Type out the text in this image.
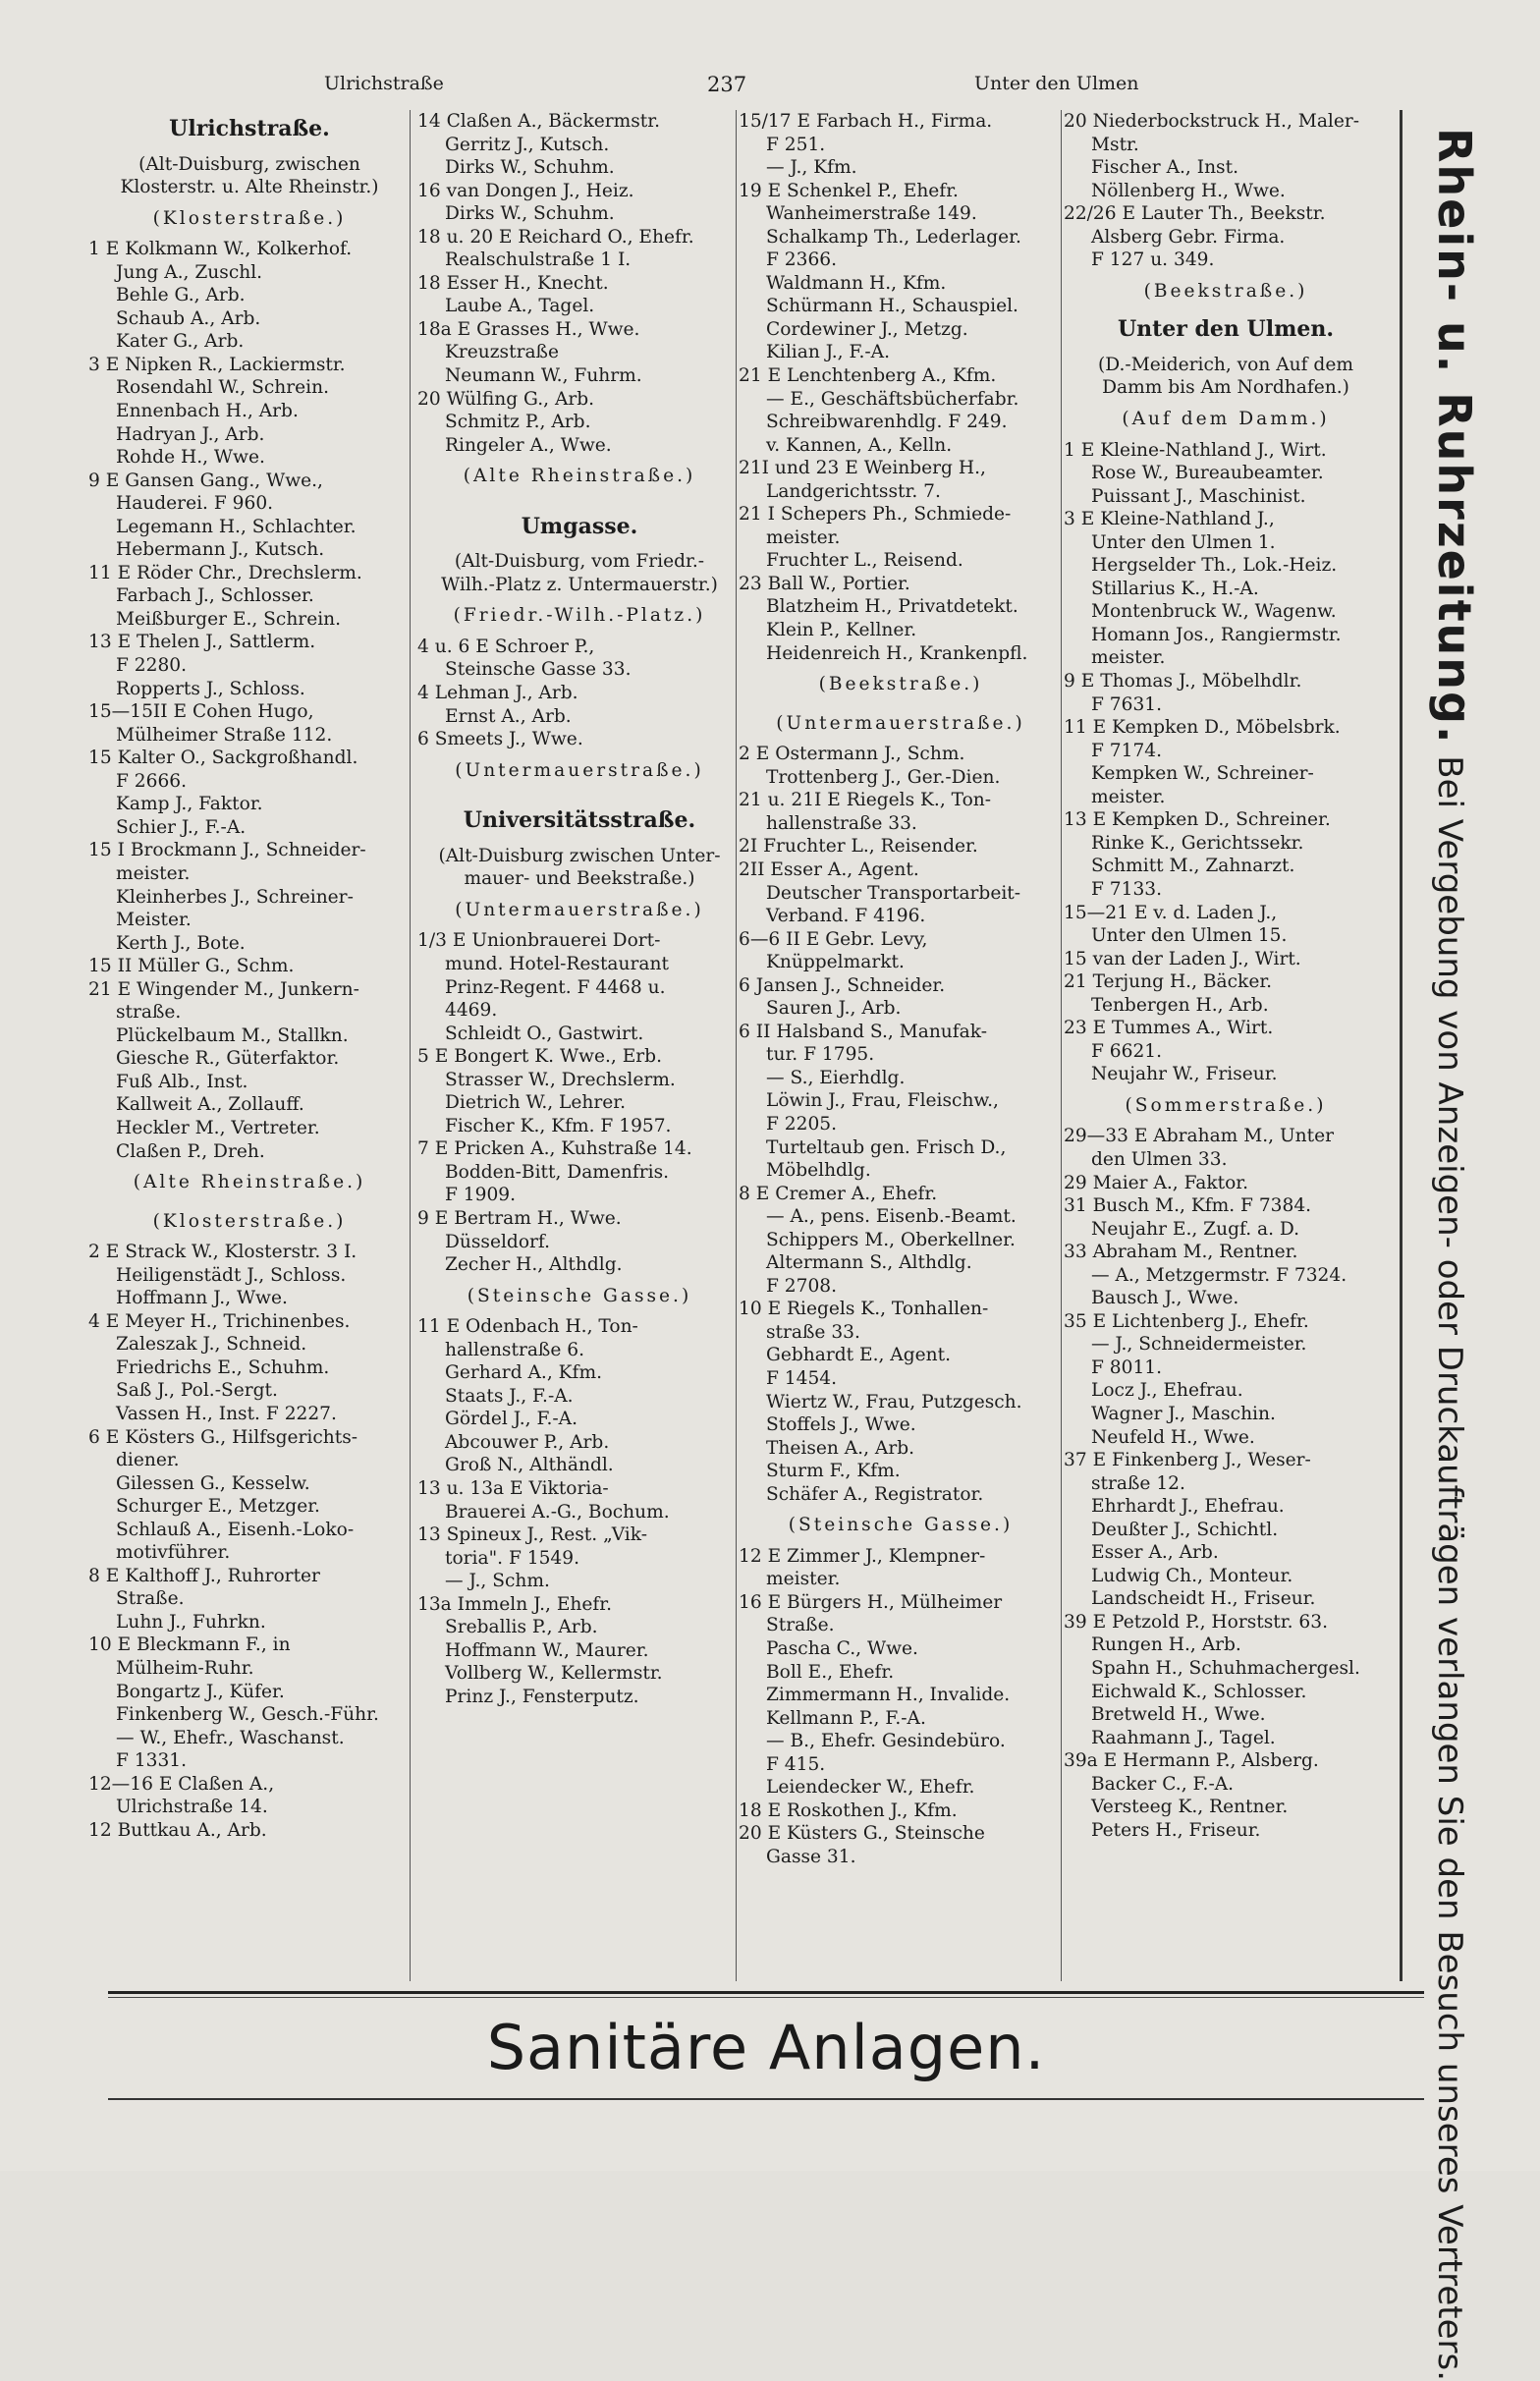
Ulrichstraße	237	Unter den Ulmen
Ulrichstraße.
(Alt-Duisburg, zwischen
Klosterstr. u. Alte Rheinstr.)
(Klosterstraße.)
1 E Kolkmann W., Kolkerhof.
Jung A., Zuschl.
Behle G., Arb.
Schaub A., Arb.
Kater G., Arb.
3 E Nipken R., Lackiermstr.
Rosendahl W., Schrein.
Ennenbach H., Arb.
Hadryan J., Arb.
Rohde H., Wwe.
9 E Gansen Gang., Wwe.,
Hauderei. F 960.
Legemann H., Schlachter.
Hebermann J., Kutsch.
11 E Röder Chr., Drechslerm.
Farbach J., Schlosser.
Meißburger E., Schrein.
13 E Thelen J., Sattlerm.
F 2280.
Ropperts J., Schloss.
15—15II E Cohen Hugo,
Mülheimer Straße 112.
15 Kalter O., Sackgroßhandl.
F 2666.
Kamp J., Faktor.
Schier J., F.-A.
15 I Brockmann J., Schneider-
meister.
Kleinherbes J., Schreiner-
Meister.
Kerth J., Bote.
15 II Müller G., Schm.
21 E Wingender M., Junkern-
straße.
Plückelbaum M., Stallkn.
Giesche R., Güterfaktor.
Fuß Alb., Inst.
Kallweit A., Zollauff.
Heckler M., Vertreter.
Claßen P., Dreh.
(Alte Rheinstraße.)
(Klosterstraße.)
2 E Strack W., Klosterstr. 3 I.
Heiligenstädt J., Schloss.
Hoffmann J., Wwe.
4 E Meyer H., Trichinenbes.
Zaleszak J., Schneid.
Friedrichs E., Schuhm.
Saß J., Pol.-Sergt.
Vassen H., Inst. F 2227.
6 E Kösters G., Hilfsgerichts-
diener.
Gilessen G., Kesselw.
Schurger E., Metzger.
Schlauß A., Eisenh.-Loko-
motivführer.
8 E Kalthoff J., Ruhrorter
Straße.
Luhn J., Fuhrkn.
10 E Bleckmann F., in
Mülheim-Ruhr.
Bongartz J., Küfer.
Finkenberg W., Gesch.-Führ.
— W., Ehefr., Waschanst.
F 1331.
12—16 E Claßen A.,
Ulrichstraße 14.
12 Buttkau A., Arb.
14 Claßen A., Bäckermstr.
Gerritz J., Kutsch.
Dirks W., Schuhm.
16 van Dongen J., Heiz.
Dirks W., Schuhm.
18 u. 20 E Reichard O., Ehefr.
Realschulstraße 1 I.
18 Esser H., Knecht.
Laube A., Tagel.
18a E Grasses H., Wwe.
Kreuzstraße
Neumann W., Fuhrm.
20 Wülfing G., Arb.
Schmitz P., Arb.
Ringeler A., Wwe.
(Alte Rheinstraße.)
Umgasse.
(Alt-Duisburg, vom Friedr.-
Wilh.-Platz z. Untermauerstr.)
(Friedr.-Wilh.-Platz.)
4 u. 6 E Schroer P.,
Steinsche Gasse 33.
4 Lehman J., Arb.
Ernst A., Arb.
6 Smeets J., Wwe.
(Untermauerstraße.)
Universitätsstraße.
(Alt-Duisburg zwischen Unter-
mauer- und Beekstraße.)
(Untermauerstraße.)
1/3 E Unionbrauerei Dort-
mund. Hotel-Restaurant
Prinz-Regent. F 4468 u.
4469.
Schleidt O., Gastwirt.
5 E Bongert K. Wwe., Erb.
Strasser W., Drechslerm.
Dietrich W., Lehrer.
Fischer K., Kfm. F 1957.
7 E Pricken A., Kuhstraße 14.
Bodden-Bitt, Damenfris.
F 1909.
9 E Bertram H., Wwe.
Düsseldorf.
Zecher H., Althdlg.
(Steinsche Gasse.)
11 E Odenbach H., Ton-
hallenstraße 6.
Gerhard A., Kfm.
Staats J., F.-A.
Gördel J., F.-A.
Abcouwer P., Arb.
Groß N., Althändl.
13 u. 13a E Viktoria-
Brauerei A.-G., Bochum.
13 Spineux J., Rest. „Vik-
toria". F 1549.
— J., Schm.
13a Immeln J., Ehefr.
Sreballis P., Arb.
Hoffmann W., Maurer.
Vollberg W., Kellermstr.
Prinz J., Fensterputz.
15/17 E Farbach H., Firma.
F 251.
— J., Kfm.
19 E Schenkel P., Ehefr.
Wanheimerstraße 149.
Schalkamp Th., Lederlager.
F 2366.
Waldmann H., Kfm.
Schürmann H., Schauspiel.
Cordewiner J., Metzg.
Kilian J., F.-A.
21 E Lenchtenberg A., Kfm.
— E., Geschäftsbücherfabr.
Schreibwarenhdlg. F 249.
v. Kannen, A., Kelln.
21I und 23 E Weinberg H.,
Landgerichtsstr. 7.
21 I Schepers Ph., Schmiede-
meister.
Fruchter L., Reisend.
23 Ball W., Portier.
Blatzheim H., Privatdetekt.
Klein P., Kellner.
Heidenreich H., Krankenpfl.
(Beekstraße.)
(Untermauerstraße.)
2 E Ostermann J., Schm.
Trottenberg J., Ger.-Dien.
21 u. 21I E Riegels K., Ton-
hallenstraße 33.
2I Fruchter L., Reisender.
2II Esser A., Agent.
Deutscher Transportarbeit-
Verband. F 4196.
6—6 II E Gebr. Levy,
Knüppelmarkt.
6 Jansen J., Schneider.
Sauren J., Arb.
6 II Halsband S., Manufak-
tur. F 1795.
— S., Eierhdlg.
Löwin J., Frau, Fleischw.,
F 2205.
Turteltaub gen. Frisch D.,
Möbelhdlg.
8 E Cremer A., Ehefr.
— A., pens. Eisenb.-Beamt.
Schippers M., Oberkellner.
Altermann S., Althdlg.
F 2708.
10 E Riegels K., Tonhallen-
straße 33.
Gebhardt E., Agent.
F 1454.
Wiertz W., Frau, Putzgesch.
Stoffels J., Wwe.
Theisen A., Arb.
Sturm F., Kfm.
Schäfer A., Registrator.
(Steinsche Gasse.)
12 E Zimmer J., Klempner-
meister.
16 E Bürgers H., Mülheimer
Straße.
Pascha C., Wwe.
Boll E., Ehefr.
Zimmermann H., Invalide.
Kellmann P., F.-A.
— B., Ehefr. Gesindebüro.
F 415.
Leiendecker W., Ehefr.
18 E Roskothen J., Kfm.
20 E Küsters G., Steinsche
Gasse 31.
20 Niederbockstruck H., Maler-
Mstr.
Fischer A., Inst.
Nöllenberg H., Wwe.
22/26 E Lauter Th., Beekstr.
Alsberg Gebr. Firma.
F 127 u. 349.
(Beekstraße.)
Unter den Ulmen.
(D.-Meiderich, von Auf dem
Damm bis Am Nordhafen.)
(Auf dem Damm.)
1 E Kleine-Nathland J., Wirt.
Rose W., Bureaubeamter.
Puissant J., Maschinist.
3 E Kleine-Nathland J.,
Unter den Ulmen 1.
Hergselder Th., Lok.-Heiz.
Stillarius K., H.-A.
Montenbruck W., Wagenw.
Homann Jos., Rangiermstr.
meister.
9 E Thomas J., Möbelhdlr.
F 7631.
11 E Kempken D., Möbelsbrk.
F 7174.
Kempken W., Schreiner-
meister.
13 E Kempken D., Schreiner.
Rinke K., Gerichtssekr.
Schmitt M., Zahnarzt.
F 7133.
15—21 E v. d. Laden J.,
Unter den Ulmen 15.
15 van der Laden J., Wirt.
21 Terjung H., Bäcker.
Tenbergen H., Arb.
23 E Tummes A., Wirt.
F 6621.
Neujahr W., Friseur.
(Sommerstraße.)
29—33 E Abraham M., Unter
den Ulmen 33.
29 Maier A., Faktor.
31 Busch M., Kfm. F 7384.
Neujahr E., Zugf. a. D.
33 Abraham M., Rentner.
— A., Metzgermstr. F 7324.
Bausch J., Wwe.
35 E Lichtenberg J., Ehefr.
— J., Schneidermeister.
F 8011.
Locz J., Ehefrau.
Wagner J., Maschin.
Neufeld H., Wwe.
37 E Finkenberg J., Weser-
straße 12.
Ehrhardt J., Ehefrau.
Deußter J., Schichtl.
Esser A., Arb.
Ludwig Ch., Monteur.
Landscheidt H., Friseur.
39 E Petzold P., Horststr. 63.
Rungen H., Arb.
Spahn H., Schuhmachergesl.
Eichwald K., Schlosser.
Bretweld H., Wwe.
Raahmann J., Tagel.
39a E Hermann P., Alsberg.
Backer C., F.-A.
Versteeg K., Rentner.
Peters H., Friseur.
Rhein- u. Ruhrzeitung. Bei Vergebung von Anzeigen- oder Druckaufträgen verlangen Sie den Besuch unseres Vertreters.
Sanitäre Anlagen.
